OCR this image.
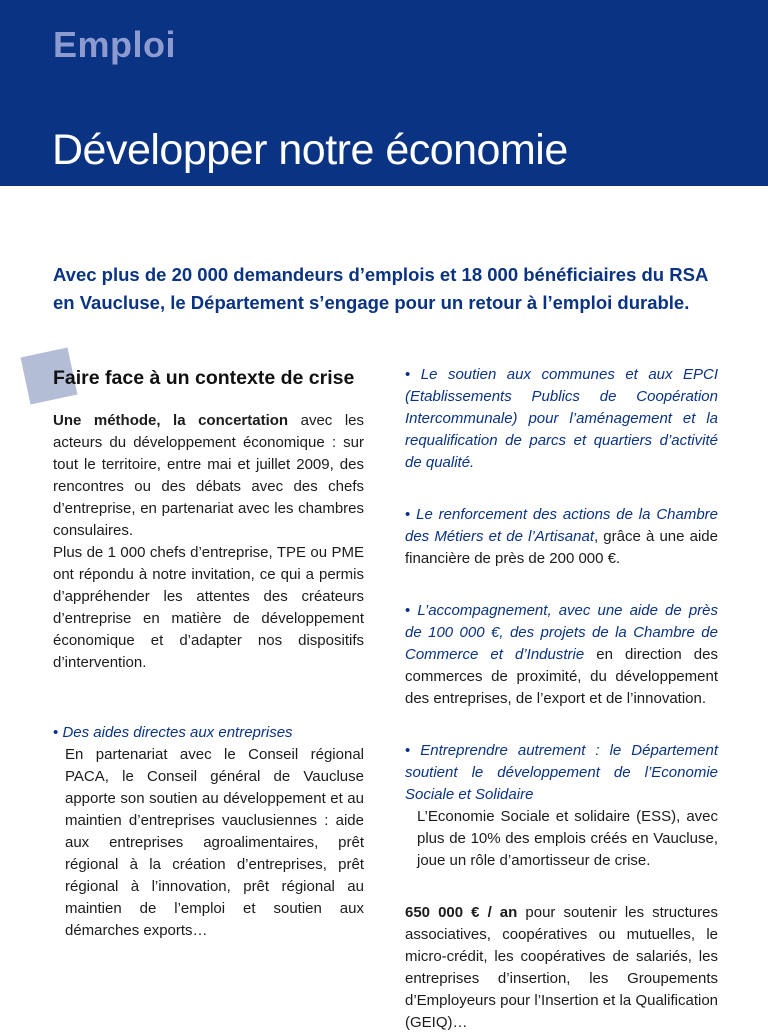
Emploi
Développer notre économie
Avec plus de 20 000 demandeurs d’emplois et 18 000 bénéficiaires du RSA en Vaucluse, le Département s’engage pour un retour à l’emploi durable.
Faire face à un contexte de crise

Une méthode, la concertation avec les acteurs du développement économique : sur tout le territoire, entre mai et juillet 2009, des rencontres ou des débats avec des chefs d’entreprise, en partenariat avec les chambres consulaires.

Plus de 1 000 chefs d’entreprise, TPE ou PME ont répondu à notre invitation, ce qui a permis d’appréhender les attentes des créateurs d’entreprise en matière de développement économique et d’adapter nos dispositifs d’intervention.

• Des aides directes aux entreprises
En partenariat avec le Conseil régional PACA, le Conseil général de Vaucluse apporte son soutien au développement et au maintien d’entreprises vauclusiennes : aide aux entreprises agroalimentaires, prêt régional à la création d’entreprises, prêt régional à l’innovation, prêt régional au maintien de l’emploi et soutien aux démarches exports…
• Le soutien aux communes et aux EPCI (Etablissements Publics de Coopération Intercommunale) pour l’aménagement et la requalification de parcs et quartiers d’activité de qualité.
• Le renforcement des actions de la Chambre des Métiers et de l’Artisanat, grâce à une aide financière de près de 200 000 €.
• L’accompagnement, avec une aide de près de 100 000 €, des projets de la Chambre de Commerce et d’Industrie en direction des commerces de proximité, du développement des entreprises, de l’export et de l’innovation.
• Entreprendre autrement : le Département soutient le développement de l’Economie Sociale et Solidaire
L’Economie Sociale et solidaire (ESS), avec plus de 10% des emplois créés en Vaucluse, joue un rôle d’amortisseur de crise.

650 000 € / an pour soutenir les structures associatives, coopératives ou mutuelles, le micro-crédit, les coopératives de salariés, les entreprises d’insertion, les Groupements d’Employeurs pour l’Insertion et la Qualification (GEIQ)…
